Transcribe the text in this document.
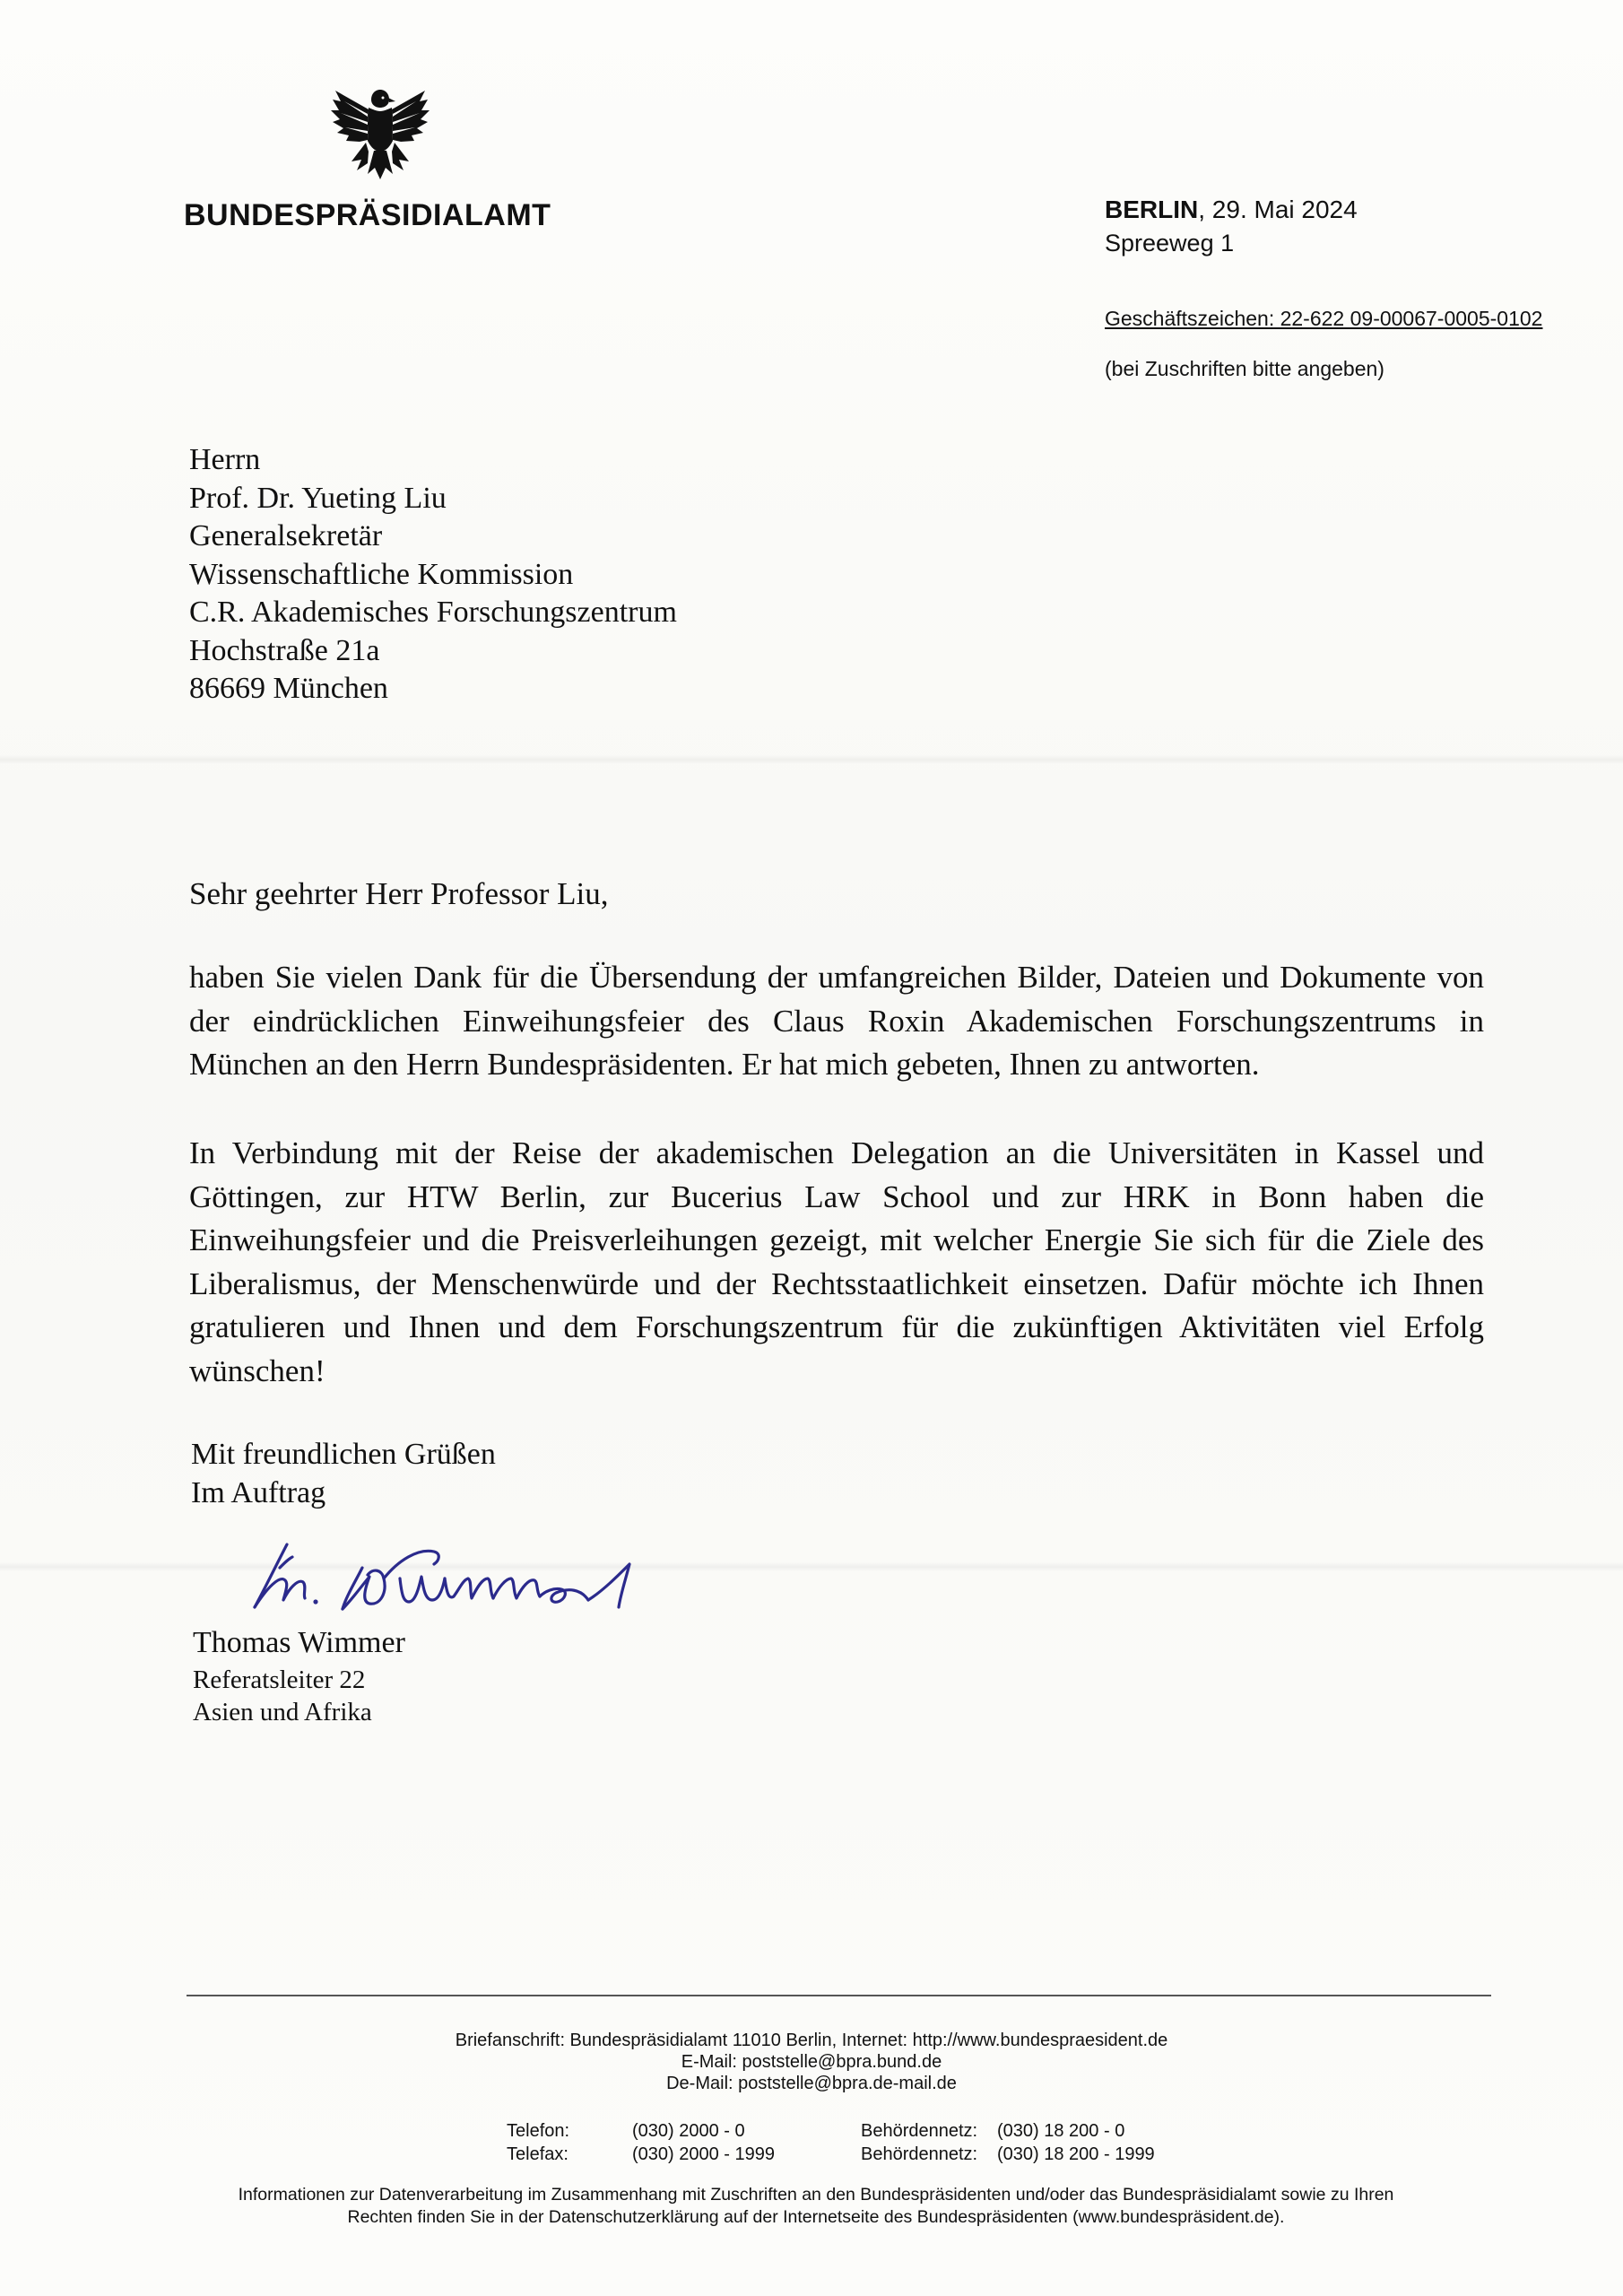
BUNDESPRÄSIDIALAMT	BERLIN, 29. Mai 2024
Spreeweg 1
Geschäftszeichen: 22-622 09-00067-0005-0102
(bei Zuschriften bitte angeben)
Herrn
Prof. Dr. Yueting Liu
Generalsekretär
Wissenschaftliche Kommission
C.R. Akademisches Forschungszentrum
Hochstraße 21a
86669 München
Sehr geehrter Herr Professor Liu,
haben Sie vielen Dank für die Übersendung der umfangreichen Bilder, Dateien und Dokumente von der eindrücklichen Einweihungsfeier des Claus Roxin Akademischen Forschungszentrums in München an den Herrn Bundespräsidenten. Er hat mich gebeten, Ihnen zu antworten.
In Verbindung mit der Reise der akademischen Delegation an die Universitäten in Kassel und Göttingen, zur HTW Berlin, zur Bucerius Law School und zur HRK in Bonn haben die Einweihungsfeier und die Preisverleihungen gezeigt, mit welcher Energie Sie sich für die Ziele des Liberalismus, der Menschenwürde und der Rechtsstaatlichkeit einsetzen. Dafür möchte ich Ihnen gratulieren und Ihnen und dem Forschungszentrum für die zukünftigen Aktivitäten viel Erfolg wünschen!
Mit freundlichen Grüßen
Im Auftrag
Thomas Wimmer
Referatsleiter 22
Asien und Afrika
Briefanschrift: Bundespräsidialamt 11010 Berlin, Internet: http://www.bundespraesident.de
E-Mail: poststelle@bpra.bund.de
De-Mail: poststelle@bpra.de-mail.de
Telefon:	(030) 2000 - 0	Behördennetz: (030) 18 200 - 0
Telefax:	(030) 2000 - 1999	Behördennetz: (030) 18 200 - 1999
Informationen zur Datenverarbeitung im Zusammenhang mit Zuschriften an den Bundespräsidenten und/oder das Bundespräsidialamt sowie zu Ihren
Rechten finden Sie in der Datenschutzerklärung auf der Internetseite des Bundespräsidenten (www.bundespräsident.de).
